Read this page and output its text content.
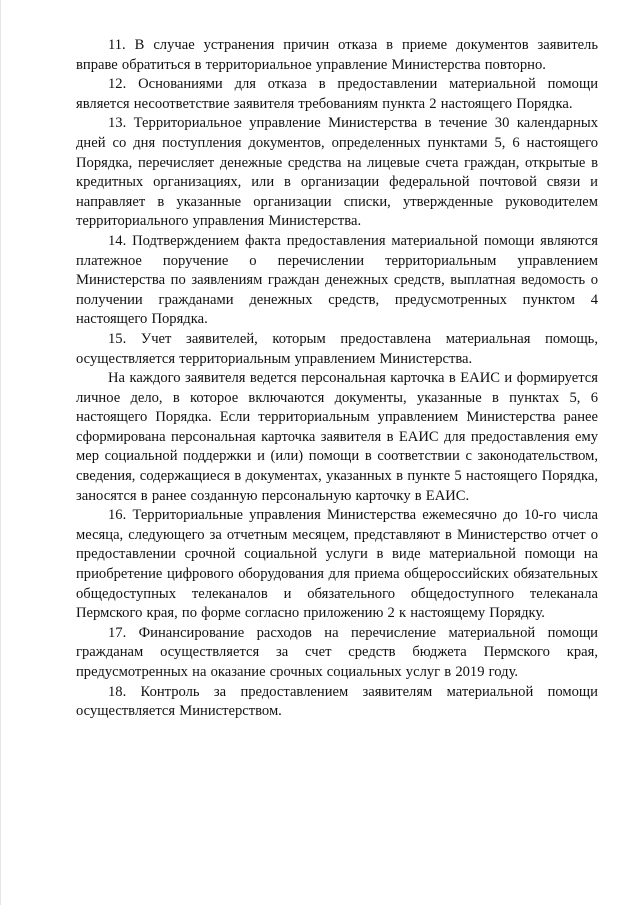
11. В случае устранения причин отказа в приеме документов заявитель вправе обратиться в территориальное управление Министерства повторно.

12. Основаниями для отказа в предоставлении материальной помощи является несоответствие заявителя требованиям пункта 2 настоящего Порядка.

13. Территориальное управление Министерства в течение 30 календарных дней со дня поступления документов, определенных пунктами 5, 6 настоящего Порядка, перечисляет денежные средства на лицевые счета граждан, открытые в кредитных организациях, или в организации федеральной почтовой связи и направляет в указанные организации списки, утвержденные руководителем территориального управления Министерства.

14. Подтверждением факта предоставления материальной помощи являются платежное поручение о перечислении территориальным управлением Министерства по заявлениям граждан денежных средств, выплатная ведомость о получении гражданами денежных средств, предусмотренных пунктом 4 настоящего Порядка.

15. Учет заявителей, которым предоставлена материальная помощь, осуществляется территориальным управлением Министерства.

На каждого заявителя ведется персональная карточка в ЕАИС и формируется личное дело, в которое включаются документы, указанные в пунктах 5, 6 настоящего Порядка. Если территориальным управлением Министерства ранее сформирована персональная карточка заявителя в ЕАИС для предоставления ему мер социальной поддержки и (или) помощи в соответствии с законодательством, сведения, содержащиеся в документах, указанных в пункте 5 настоящего Порядка, заносятся в ранее созданную персональную карточку в ЕАИС.

16. Территориальные управления Министерства ежемесячно до 10-го числа месяца, следующего за отчетным месяцем, представляют в Министерство отчет о предоставлении срочной социальной услуги в виде материальной помощи на приобретение цифрового оборудования для приема общероссийских обязательных общедоступных телеканалов и обязательного общедоступного телеканала Пермского края, по форме согласно приложению 2 к настоящему Порядку.

17. Финансирование расходов на перечисление материальной помощи гражданам осуществляется за счет средств бюджета Пермского края, предусмотренных на оказание срочных социальных услуг в 2019 году.

18. Контроль за предоставлением заявителям материальной помощи осуществляется Министерством.
